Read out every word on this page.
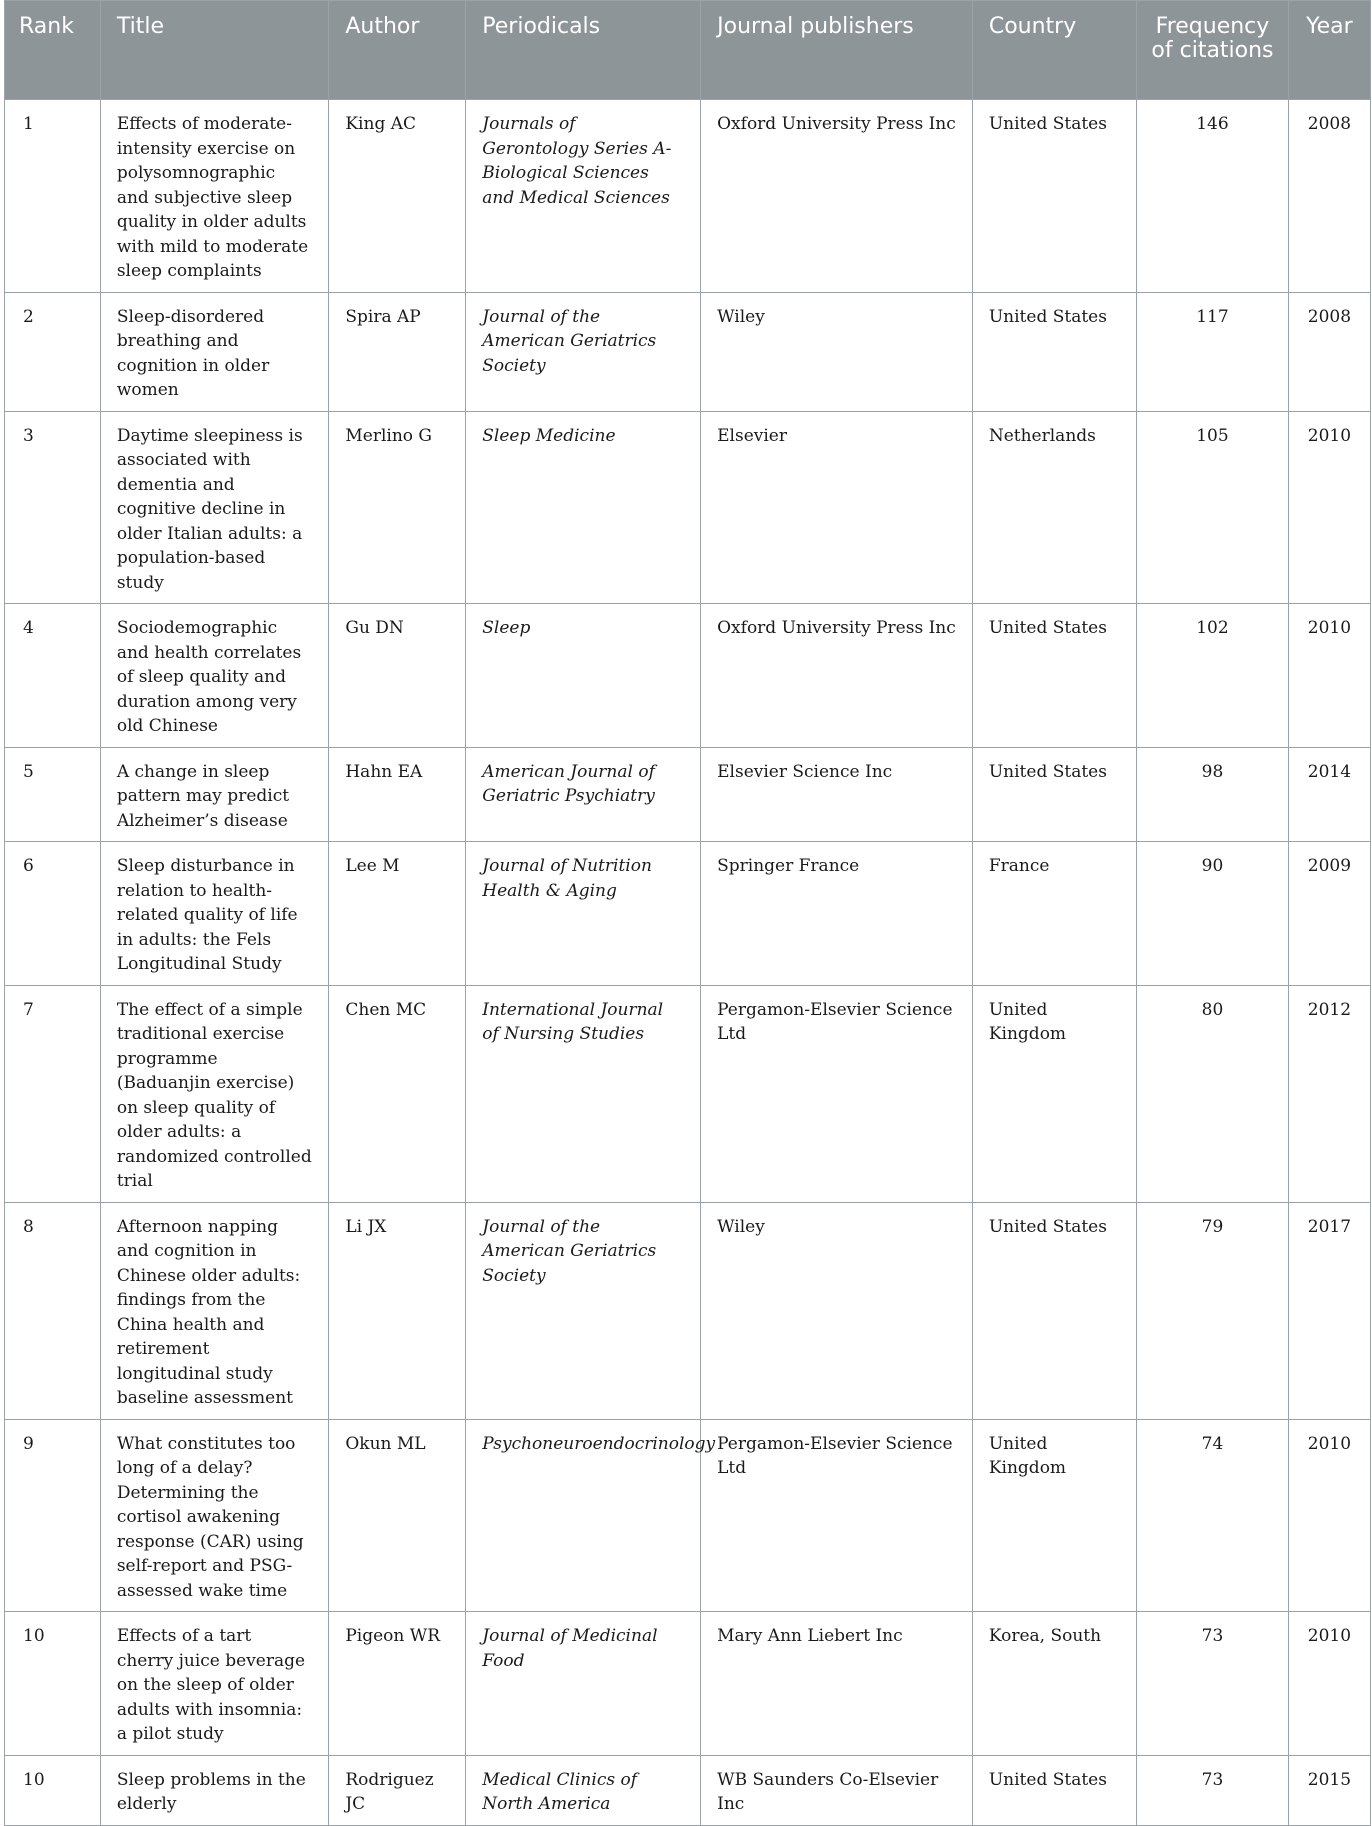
Rank	Title	Author	Periodicals	Journal publishers	Country	Frequency of citations	Year
1	Effects of moderate-intensity exercise on polysomnographic and subjective sleep quality in older adults with mild to moderate sleep complaints	King AC	Journals of Gerontology Series A-Biological Sciences and Medical Sciences	Oxford University Press Inc	United States	146	2008
2	Sleep-disordered breathing and cognition in older women	Spira AP	Journal of the American Geriatrics Society	Wiley	United States	117	2008
3	Daytime sleepiness is associated with dementia and cognitive decline in older Italian adults: a population-based study	Merlino G	Sleep Medicine	Elsevier	Netherlands	105	2010
4	Sociodemographic and health correlates of sleep quality and duration among very old Chinese	Gu DN	Sleep	Oxford University Press Inc	United States	102	2010
5	A change in sleep pattern may predict Alzheimer’s disease	Hahn EA	American Journal of Geriatric Psychiatry	Elsevier Science Inc	United States	98	2014
6	Sleep disturbance in relation to health-related quality of life in adults: the Fels Longitudinal Study	Lee M	Journal of Nutrition Health & Aging	Springer France	France	90	2009
7	The effect of a simple traditional exercise programme (Baduanjin exercise) on sleep quality of older adults: a randomized controlled trial	Chen MC	International Journal of Nursing Studies	Pergamon-Elsevier Science Ltd	United Kingdom	80	2012
8	Afternoon napping and cognition in Chinese older adults: findings from the China health and retirement longitudinal study baseline assessment	Li JX	Journal of the American Geriatrics Society	Wiley	United States	79	2017
9	What constitutes too long of a delay? Determining the cortisol awakening response (CAR) using self-report and PSG-assessed wake time	Okun ML	Psychoneuroendocrinology	Pergamon-Elsevier Science Ltd	United Kingdom	74	2010
10	Effects of a tart cherry juice beverage on the sleep of older adults with insomnia: a pilot study	Pigeon WR	Journal of Medicinal Food	Mary Ann Liebert Inc	Korea, South	73	2010
10	Sleep problems in the elderly	Rodriguez JC	Medical Clinics of North America	WB Saunders Co-Elsevier Inc	United States	73	2015
